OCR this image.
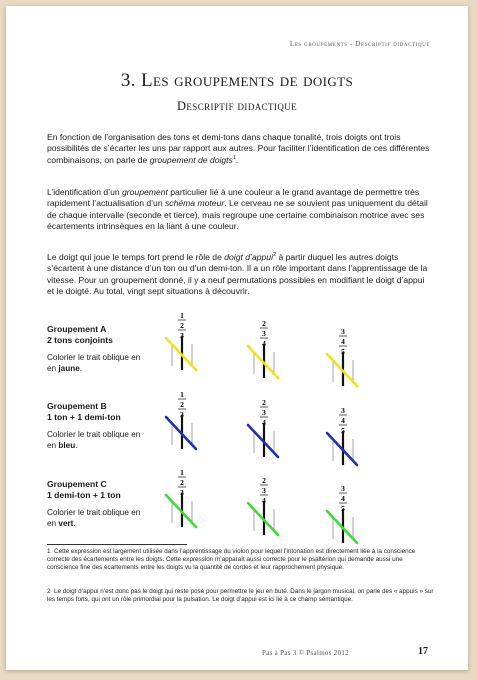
Les groupements - Descriptif didactique
3. Les groupements de doigts
Descriptif didactique

En fonction de l’organisation des tons et demi-tons dans chaque tonalité, trois doigts ont trois possibilités de s’écarter les uns par rapport aux autres. Pour faciliter l’identification de ces différentes combinaisons, on parle de groupement de doigts$^1$.

L’identification d’un groupement particulier lié à une couleur a le grand avantage de permettre très rapidement l’actualisation d’un schéma moteur. Le cerveau ne se souvient pas uniquement du détail de chaque intervalle (seconde et tierce), mais regroupe une certaine combinaison motrice avec ses écartements intrinsèques en la liant à une couleur.

Le doigt qui joue le temps fort prend le rôle de doigt d’appui$^2$ à partir duquel les autres doigts s’écartent à une distance d’un ton ou d’un demi-ton. Il a un rôle important dans l’apprentissage de la vitesse. Pour un groupement donné, il y a neuf permutations possibles en modifiant le doigt d’appui et le doigté. Au total, vingt sept situations à découvrir.

Groupement A
2 tons conjoints
Colorier le trait oblique en
en jaune.
Groupement B
1 ton + 1 demi-ton
Colorier le trait oblique en
en bleu.
Groupement C
1 demi-ton + 1 ton
Colorier le trait oblique en
en vert.
1
2
3
2
3
4
3
4
5
1
2
3
2
3
4
3
4
5
1
2
3
2
3
4
3
4
5
1 Cette expression est largement utilisée dans l’apprentissage du violon pour lequel l’intonation est directement liée à la conscience correcte des écartements entre les doigts. Cette expression m’apparaît aussi correcte pour le psaltérion qui demande aussi une conscience fine des écartements entre les doigts vu la quantité de cordes et leur rapprochement physique.
2 Le doigt d’appui n’est donc pas le doigt qui reste posé pour permettre le jeu en buté. Dans le jargon musical, on parle des « appuis » sur les temps forts, qui ont un rôle primordial pour la pulsation. Le doigt d’appui est ici lié à ce champ sémantique.
Pas à Pas 3 © Psalmos 2012	17
